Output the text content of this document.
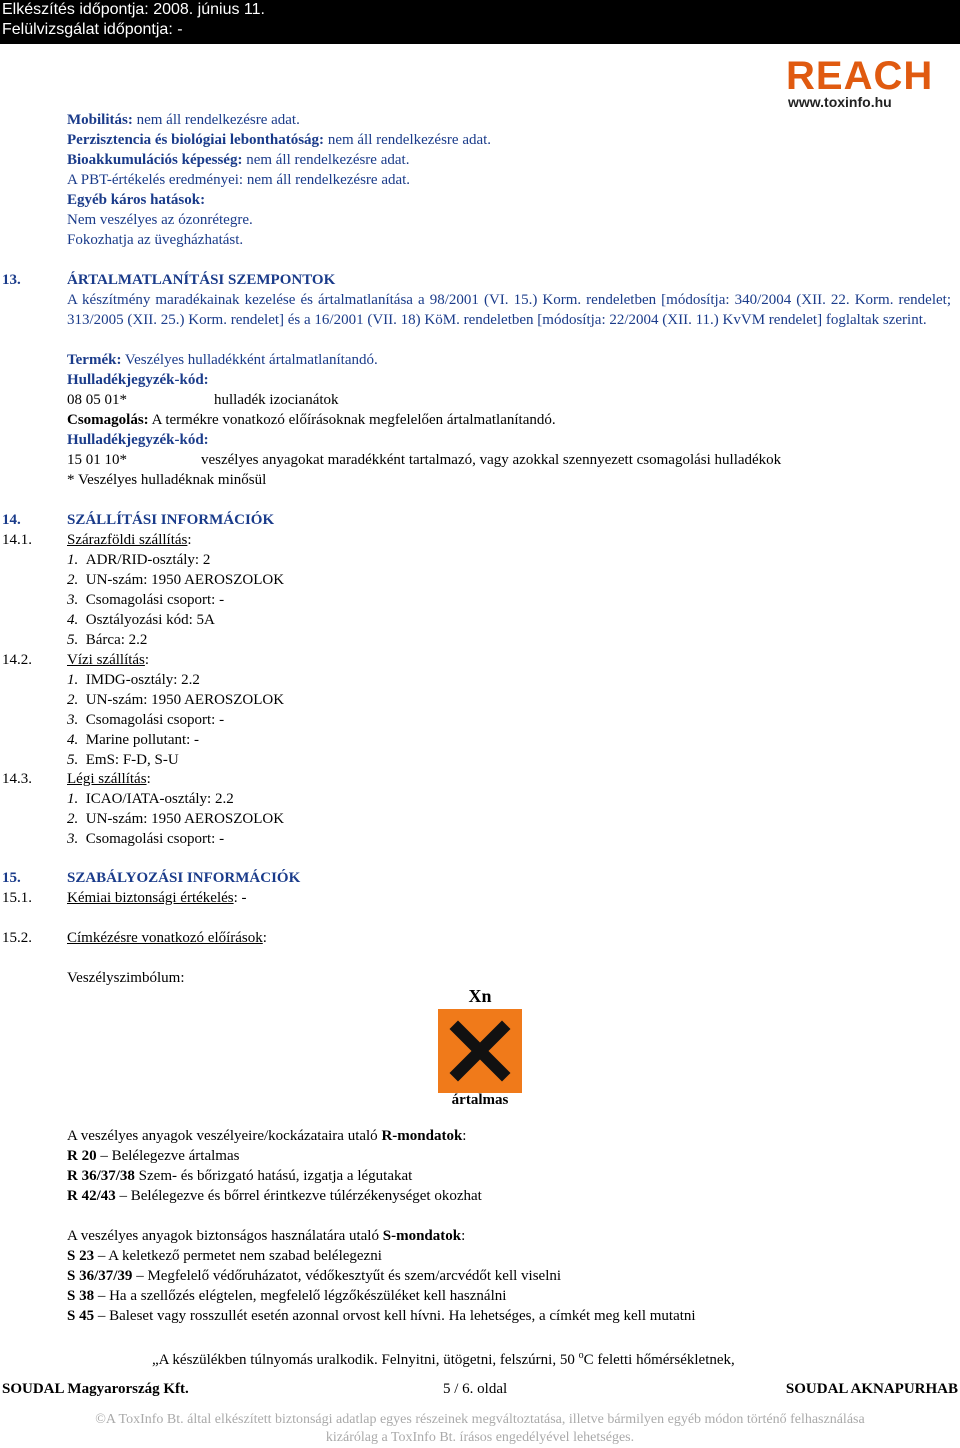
Elkészítés időpontja: 2008. június 11.
Felülvizsgálat időpontja: -
REACH
www.toxinfo.hu
Mobilitás: nem áll rendelkezésre adat.
Perzisztencia és biológiai lebonthatóság: nem áll rendelkezésre adat.
Bioakkumulációs képesség: nem áll rendelkezésre adat.
A PBT-értékelés eredményei: nem áll rendelkezésre adat.
Egyéb káros hatások:
Nem veszélyes az ózonrétegre.
Fokozhatja az üvegházhatást.
13.	ÁRTALMATLANÍTÁSI SZEMPONTOK
A készítmény maradékainak kezelése és ártalmatlanítása a 98/2001 (VI. 15.) Korm. rendeletben [módosítja: 340/2004 (XII. 22. Korm. rendelet; 313/2005 (XII. 25.) Korm. rendelet] és a 16/2001 (VII. 18) KöM. rendeletben [módosítja: 22/2004 (XII. 11.) KvVM rendelet] foglaltak szerint.
Termék: Veszélyes hulladékként ártalmatlanítandó.
Hulladékjegyzék-kód:
08 05 01*	hulladék izocianátok
Csomagolás: A termékre vonatkozó előírásoknak megfelelően ártalmatlanítandó.
Hulladékjegyzék-kód:
15 01 10*	veszélyes anyagokat maradékként tartalmazó, vagy azokkal szennyezett csomagolási hulladékok
* Veszélyes hulladéknak minősül
14.	SZÁLLÍTÁSI INFORMÁCIÓK
14.1. Szárazföldi szállítás:
1. ADR/RID-osztály: 2
2. UN-szám: 1950 AEROSZOLOK
3. Csomagolási csoport: -
4. Osztályozási kód: 5A
5. Bárca: 2.2
14.2. Vízi szállítás:
1. IMDG-osztály: 2.2
2. UN-szám: 1950 AEROSZOLOK
3. Csomagolási csoport: -
4. Marine pollutant: -
5. EmS: F-D, S-U
14.3. Légi szállítás:
1. ICAO/IATA-osztály: 2.2
2. UN-szám: 1950 AEROSZOLOK
3. Csomagolási csoport: -
15.	SZABÁLYOZÁSI INFORMÁCIÓK
15.1. Kémiai biztonsági értékelés: -
15.2. Címkézésre vonatkozó előírások:
Veszélyszimbólum:
Xn
ártalmas
A veszélyes anyagok veszélyeire/kockázataira utaló R-mondatok:
R 20 – Belélegezve ártalmas
R 36/37/38 Szem- és bőrizgató hatású, izgatja a légutakat
R 42/43 – Belélegezve és bőrrel érintkezve túlérzékenységet okozhat
A veszélyes anyagok biztonságos használatára utaló S-mondatok:
S 23 – A keletkező permetet nem szabad belélegezni
S 36/37/39 – Megfelelő védőruházatot, védőkesztyűt és szem/arcvédőt kell viselni
S 38 – Ha a szellőzés elégtelen, megfelelő légzőkészüléket kell használni
S 45 – Baleset vagy rosszullét esetén azonnal orvost kell hívni. Ha lehetséges, a címkét meg kell mutatni
„A készülékben túlnyomás uralkodik. Felnyitni, ütögetni, felszúrni, 50 $^o$C feletti hőmérsékletnek,
SOUDAL Magyarország Kft.	5 / 6. oldal	SOUDAL AKNAPURHAB
©A ToxInfo Bt. által elkészített biztonsági adatlap egyes részeinek megváltoztatása, illetve bármilyen egyéb módon történő felhasználása
kizárólag a ToxInfo Bt. írásos engedélyével lehetséges.
